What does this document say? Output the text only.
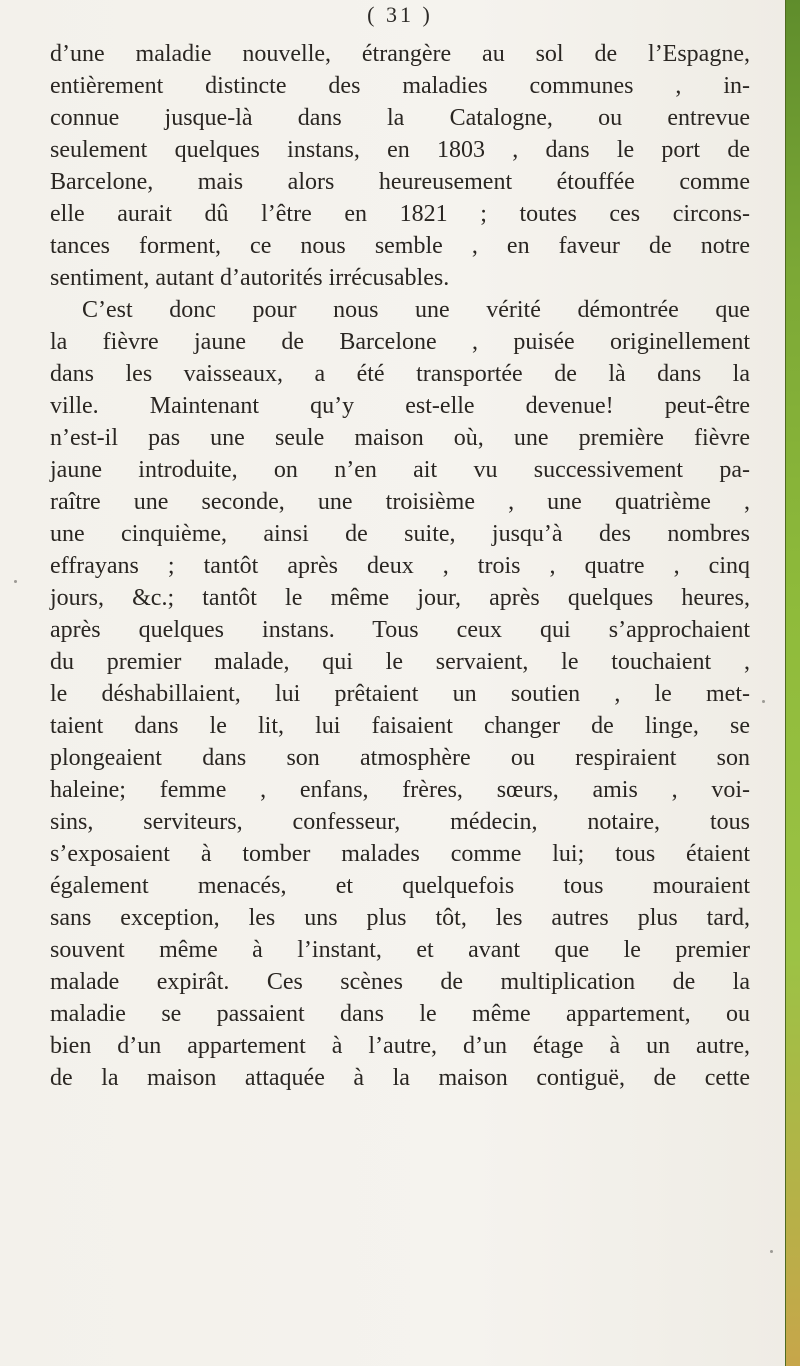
( 31 )

d’une maladie nouvelle, étrangère au sol de l’Espagne,

entièrement distincte des maladies communes , in-

connue jusque-là dans la Catalogne, ou entrevue

seulement quelques instans, en 1803 , dans le port de

Barcelone, mais alors heureusement étouffée comme

elle aurait dû l’être en 1821 ; toutes ces circons-

tances forment, ce nous semble , en faveur de notre

sentiment, autant d’autorités irrécusables.

C’est donc pour nous une vérité démontrée que

la fièvre jaune de Barcelone , puisée originellement

dans les vaisseaux, a été transportée de là dans la

ville. Maintenant qu’y est-elle devenue! peut-être

n’est-il pas une seule maison où, une première fièvre

jaune introduite, on n’en ait vu successivement pa-

raître une seconde, une troisième , une quatrième ,

une cinquième, ainsi de suite, jusqu’à des nombres

effrayans ; tantôt après deux , trois , quatre , cinq

jours, &c.; tantôt le même jour, après quelques heures,

après quelques instans. Tous ceux qui s’approchaient

du premier malade, qui le servaient, le touchaient ,

le déshabillaient, lui prêtaient un soutien , le met-

taient dans le lit, lui faisaient changer de linge, se

plongeaient dans son atmosphère ou respiraient son

haleine; femme , enfans, frères, sœurs, amis , voi-

sins, serviteurs, confesseur, médecin, notaire, tous

s’exposaient à tomber malades comme lui; tous étaient

également menacés, et quelquefois tous mouraient

sans exception, les uns plus tôt, les autres plus tard,

souvent même à l’instant, et avant que le premier

malade expirât. Ces scènes de multiplication de la

maladie se passaient dans le même appartement, ou

bien d’un appartement à l’autre, d’un étage à un autre,

de la maison attaquée à la maison contiguë, de cette
